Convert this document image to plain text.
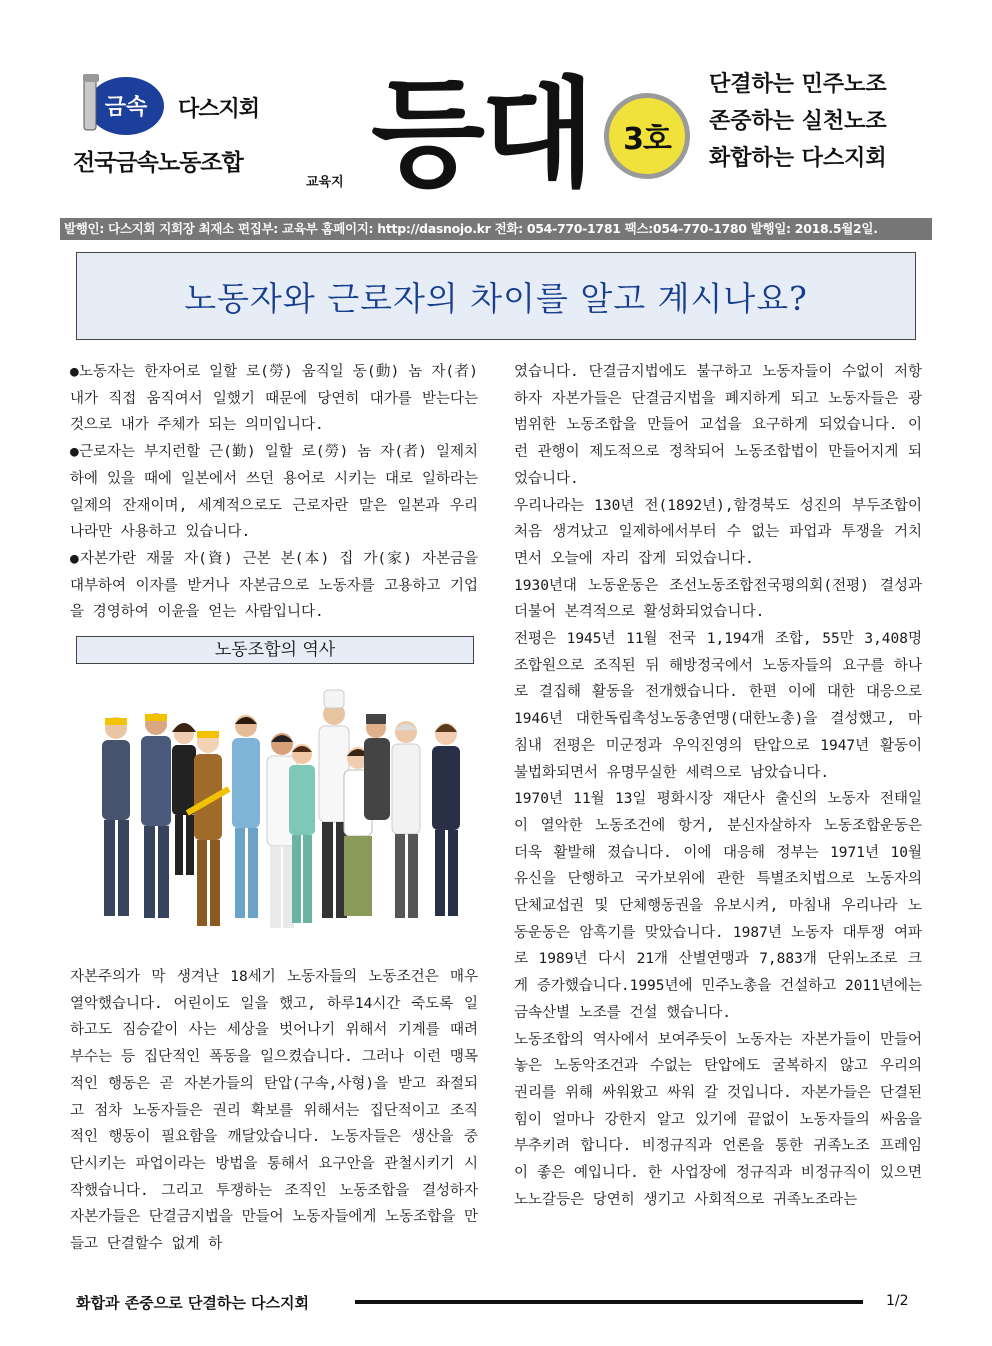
금속 다스지회
전국금속노동조합
교육지 등대	3호
단결하는 민주노조
존중하는 실천노조
화합하는 다스지회
발행인: 다스지회 지회장 최재소 편집부: 교육부 홈페이지: http://dasnojo.kr 전화: 054-770-1781 팩스:054-770-1780 발행일: 2018.5월2일.
노동자와 근로자의 차이를 알고 계시나요?

●노동자는 한자어로 일할 로(勞) 움직일 동(動) 놈 자(者) 내가 직접 움직여서 일했기 때문에 당연히 대가를 받는다는 것으로 내가 주체가 되는 의미입니다.

●근로자는 부지런할 근(勤) 일할 로(勞) 놈 자(者) 일제치하에 있을 때에 일본에서 쓰던 용어로 시키는 대로 일하라는 일제의 잔재이며, 세계적으로도 근로자란 말은 일본과 우리나라만 사용하고 있습니다.

●자본가란 재물 자(資) 근본 본(本) 집 가(家) 자본금을 대부하여 이자를 받거나 자본금으로 노동자를 고용하고 기업을 경영하여 이윤을 얻는 사람입니다.

노동조합의 역사

자본주의가 막 생겨난 18세기 노동자들의 노동조건은 매우 열악했습니다. 어린이도 일을 했고, 하루14시간 죽도록 일하고도 짐승같이 사는 세상을 벗어나기 위해서 기계를 때려 부수는 등 집단적인 폭동을 일으켰습니다. 그러나 이런 맹목적인 행동은 곧 자본가들의 탄압(구속,사형)을 받고 좌절되고 점차 노동자들은 권리 확보를 위해서는 집단적이고 조직적인 행동이 필요함을 깨달았습니다. 노동자들은 생산을 중단시키는 파업이라는 방법을 통해서 요구안을 관철시키기 시작했습니다. 그리고 투쟁하는 조직인 노동조합을 결성하자 자본가들은 단결금지법을 만들어 노동자들에게 노동조합을 만들고 단결할수 없게 하

였습니다. 단결금지법에도 불구하고 노동자들이 수없이 저항하자 자본가들은 단결금지법을 폐지하게 되고 노동자들은 광범위한 노동조합을 만들어 교섭을 요구하게 되었습니다. 이런 관행이 제도적으로 정착되어 노동조합법이 만들어지게 되었습니다.

우리나라는 130년 전(1892년),함경북도 성진의 부두조합이 처음 생겨났고 일제하에서부터 수 없는 파업과 투쟁을 거치면서 오늘에 자리 잡게 되었습니다.

1930년대 노동운동은 조선노동조합전국평의회(전평) 결성과 더불어 본격적으로 활성화되었습니다.

전평은 1945년 11월 전국 1,194개 조합, 55만 3,408명 조합원으로 조직된 뒤 해방정국에서 노동자들의 요구를 하나로 결집해 활동을 전개했습니다. 한편 이에 대한 대응으로 1946년 대한독립촉성노동총연맹(대한노총)을 결성했고, 마침내 전평은 미군정과 우익진영의 탄압으로 1947년 활동이 불법화되면서 유명무실한 세력으로 남았습니다.

1970년 11월 13일 평화시장 재단사 출신의 노동자 전태일이 열악한 노동조건에 항거, 분신자살하자 노동조합운동은 더욱 활발해 졌습니다. 이에 대응해 정부는 1971년 10월 유신을 단행하고 국가보위에 관한 특별조치법으로 노동자의 단체교섭권 및 단체행동권을 유보시켜, 마침내 우리나라 노동운동은 암흑기를 맞았습니다. 1987년 노동자 대투쟁 여파로 1989년 다시 21개 산별연맹과 7,883개 단위노조로 크게 증가했습니다.1995년에 민주노총을 건설하고 2011년에는 금속산별 노조를 건설 했습니다.

노동조합의 역사에서 보여주듯이 노동자는 자본가들이 만들어놓은 노동악조건과 수없는 탄압에도 굴복하지 않고 우리의 권리를 위해 싸워왔고 싸워 갈 것입니다. 자본가들은 단결된 힘이 얼마나 강한지 알고 있기에 끝없이 노동자들의 싸움을 부추키려 합니다. 비정규직과 언론을 통한 귀족노조 프레임이 좋은 예입니다. 한 사업장에 정규직과 비정규직이 있으면 노노갈등은 당연히 생기고 사회적으로 귀족노조라는

화합과 존중으로 단결하는 다스지회	1/2
